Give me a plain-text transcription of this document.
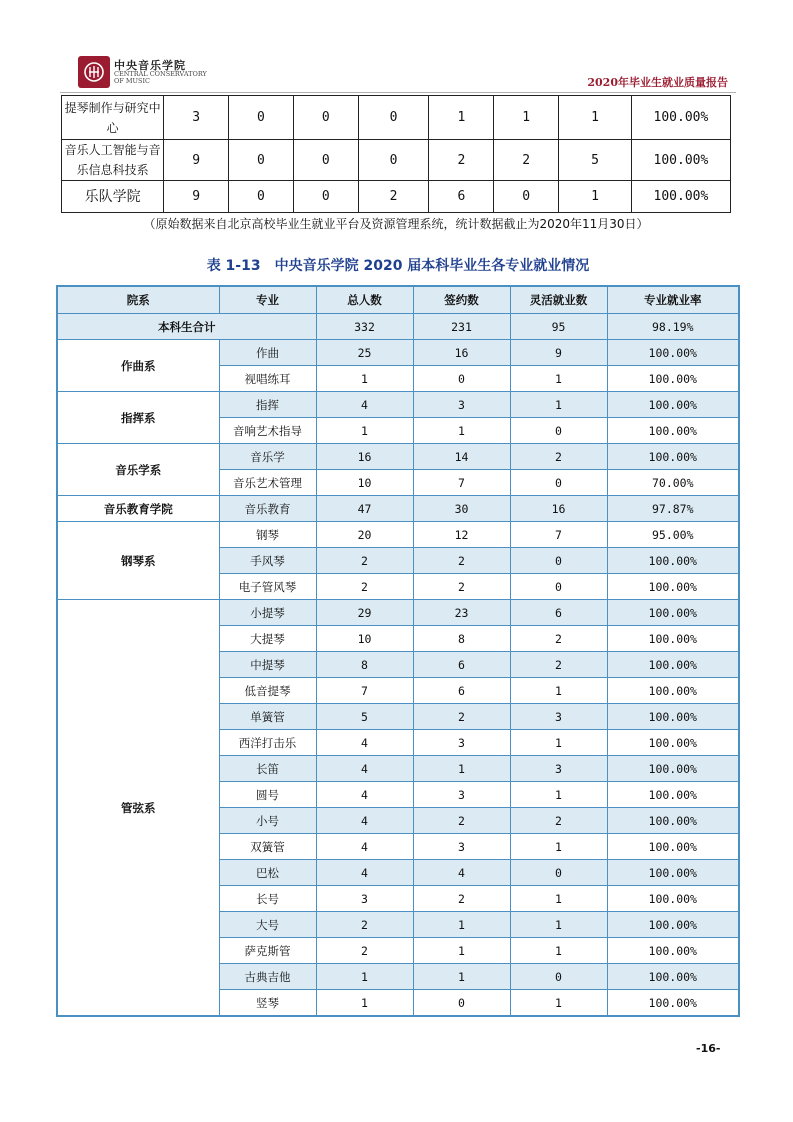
中央音乐学院
CENTRAL CONSERVATORY
OF MUSIC	2020年毕业生就业质量报告
提琴制作与研究中心	3	0	0	0	1	1	1	100.00%
音乐人工智能与音乐信息科技系	9	0	0	0	2	2	5	100.00%
乐队学院	9	0	0	2	6	0	1	100.00%
（原始数据来自北京高校毕业生就业平台及资源管理系统，统计数据截止为2020年11月30日）
表 1-13　中央音乐学院 2020 届本科毕业生各专业就业情况
院系	专业	总人数	签约数	灵活就业数	专业就业率
本科生合计		332	231	95	98.19%
作曲系	作曲	25	16	9	100.00%
	视唱练耳	1	0	1	100.00%
指挥系	指挥	4	3	1	100.00%
	音响艺术指导	1	1	0	100.00%
音乐学系	音乐学	16	14	2	100.00%
	音乐艺术管理	10	7	0	70.00%
音乐教育学院	音乐教育	47	30	16	97.87%
钢琴系	钢琴	20	12	7	95.00%
	手风琴	2	2	0	100.00%
	电子管风琴	2	2	0	100.00%
管弦系	小提琴	29	23	6	100.00%
	大提琴	10	8	2	100.00%
	中提琴	8	6	2	100.00%
	低音提琴	7	6	1	100.00%
	单簧管	5	2	3	100.00%
	西洋打击乐	4	3	1	100.00%
	长笛	4	1	3	100.00%
	圆号	4	3	1	100.00%
	小号	4	2	2	100.00%
	双簧管	4	3	1	100.00%
	巴松	4	4	0	100.00%
	长号	3	2	1	100.00%
	大号	2	1	1	100.00%
	萨克斯管	2	1	1	100.00%
	古典吉他	1	1	0	100.00%
	竖琴	1	0	1	100.00%
-16-
